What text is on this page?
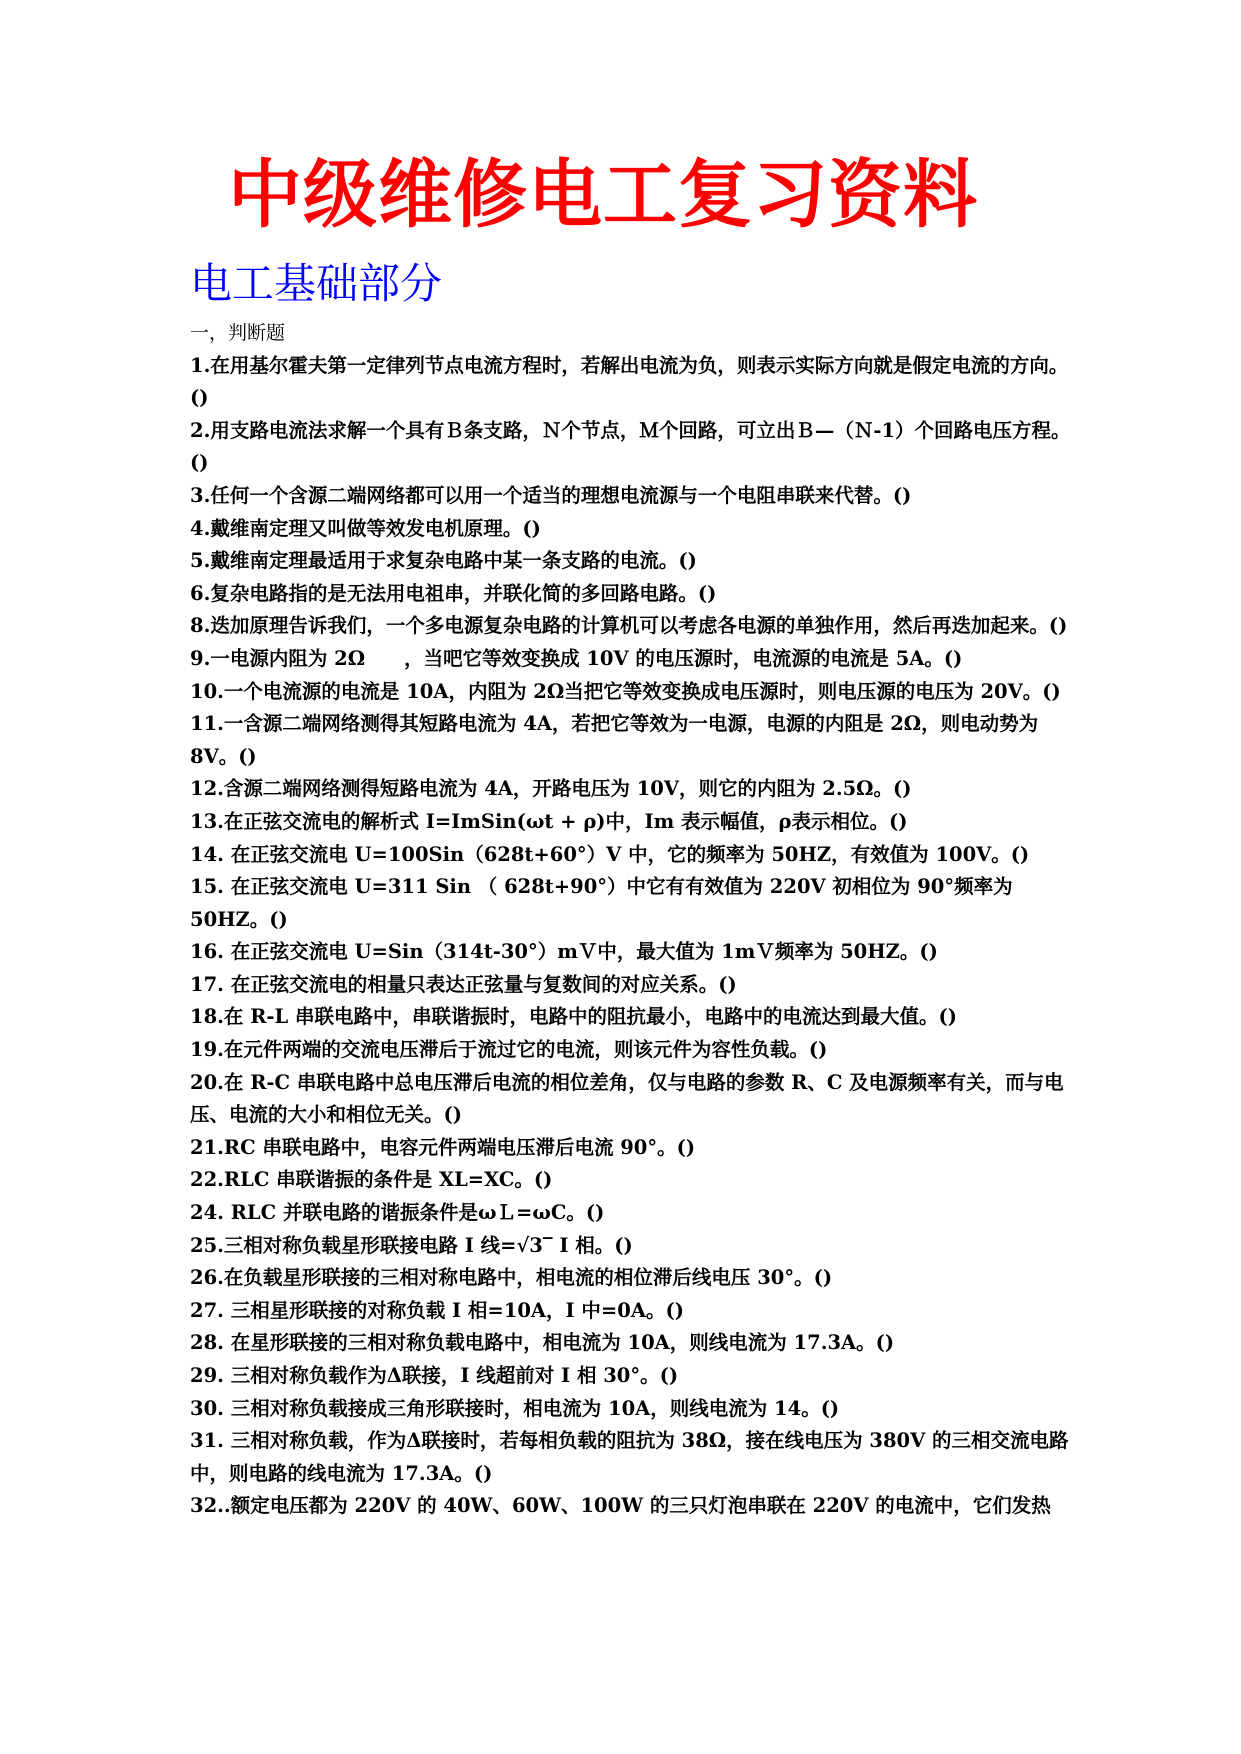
中级维修电工复习资料
电工基础部分

一，判断题

1.在用基尔霍夫第一定律列节点电流方程时，若解出电流为负，则表示实际方向就是假定电流的方向。()

2.用支路电流法求解一个具有Ｂ条支路，Ｎ个节点，Ｍ个回路，可立出Ｂ—（Ｎ-1）个回路电压方程。()

3.任何一个含源二端网络都可以用一个适当的理想电流源与一个电阻串联来代替。()

4.戴维南定理又叫做等效发电机原理。()

5.戴维南定理最适用于求复杂电路中某一条支路的电流。()

6.复杂电路指的是无法用电祖串，并联化简的多回路电路。()

8.迭加原理告诉我们，一个多电源复杂电路的计算机可以考虑各电源的单独作用，然后再迭加起来。()

9.一电源内阻为 2Ω　　，当吧它等效变换成 10V 的电压源时，电流源的电流是 5A。()

10.一个电流源的电流是 10A，内阻为 2Ω当把它等效变换成电压源时，则电压源的电压为 20V。()

11.一含源二端网络测得其短路电流为 4A，若把它等效为一电源，电源的内阻是 2Ω，则电动势为 8V。()

12.含源二端网络测得短路电流为 4A，开路电压为 10V，则它的内阻为 2.5Ω。()

13.在正弦交流电的解析式 I=ImSin(ωt + ρ)中，Im 表示幅值，ρ表示相位。()

14. 在正弦交流电 U=100Sin（628t+60°）V 中，它的频率为 50HZ，有效值为 100V。()

15. 在正弦交流电 U=311 Sin （ 628t+90°）中它有有效值为 220V 初相位为 90°频率为 50HZ。()

16. 在正弦交流电 U=Sin（314t-30°）mＶ中，最大值为 1mＶ频率为 50HZ。()

17. 在正弦交流电的相量只表达正弦量与复数间的对应关系。()

18.在 R-L 串联电路中，串联谐振时，电路中的阻抗最小，电路中的电流达到最大值。()

19.在元件两端的交流电压滞后于流过它的电流，则该元件为容性负载。()

20.在 R-C 串联电路中总电压滞后电流的相位差角，仅与电路的参数 R、C 及电源频率有关，而与电压、电流的大小和相位无关。()

21.RC 串联电路中，电容元件两端电压滞后电流 90°。()

22.RLC 串联谐振的条件是 XL=XC。()

24. RLC 并联电路的谐振条件是ωＬ=ωC。()

25.三相对称负载星形联接电路 I 线=√3‾ I 相。()

26.在负载星形联接的三相对称电路中，相电流的相位滞后线电压 30°。()

27. 三相星形联接的对称负载 I 相=10A，I 中=0A。()

28. 在星形联接的三相对称负载电路中，相电流为 10A，则线电流为 17.3A。()

29. 三相对称负载作为Δ联接，I 线超前对 I 相 30°。()

30. 三相对称负载接成三角形联接时，相电流为 10A，则线电流为 14。()

31. 三相对称负载，作为Δ联接时，若每相负载的阻抗为 38Ω，接在线电压为 380V 的三相交流电路中，则电路的线电流为 17.3A。()

32..额定电压都为 220V 的 40W、60W、100W 的三只灯泡串联在 220V 的电流中，它们发热
